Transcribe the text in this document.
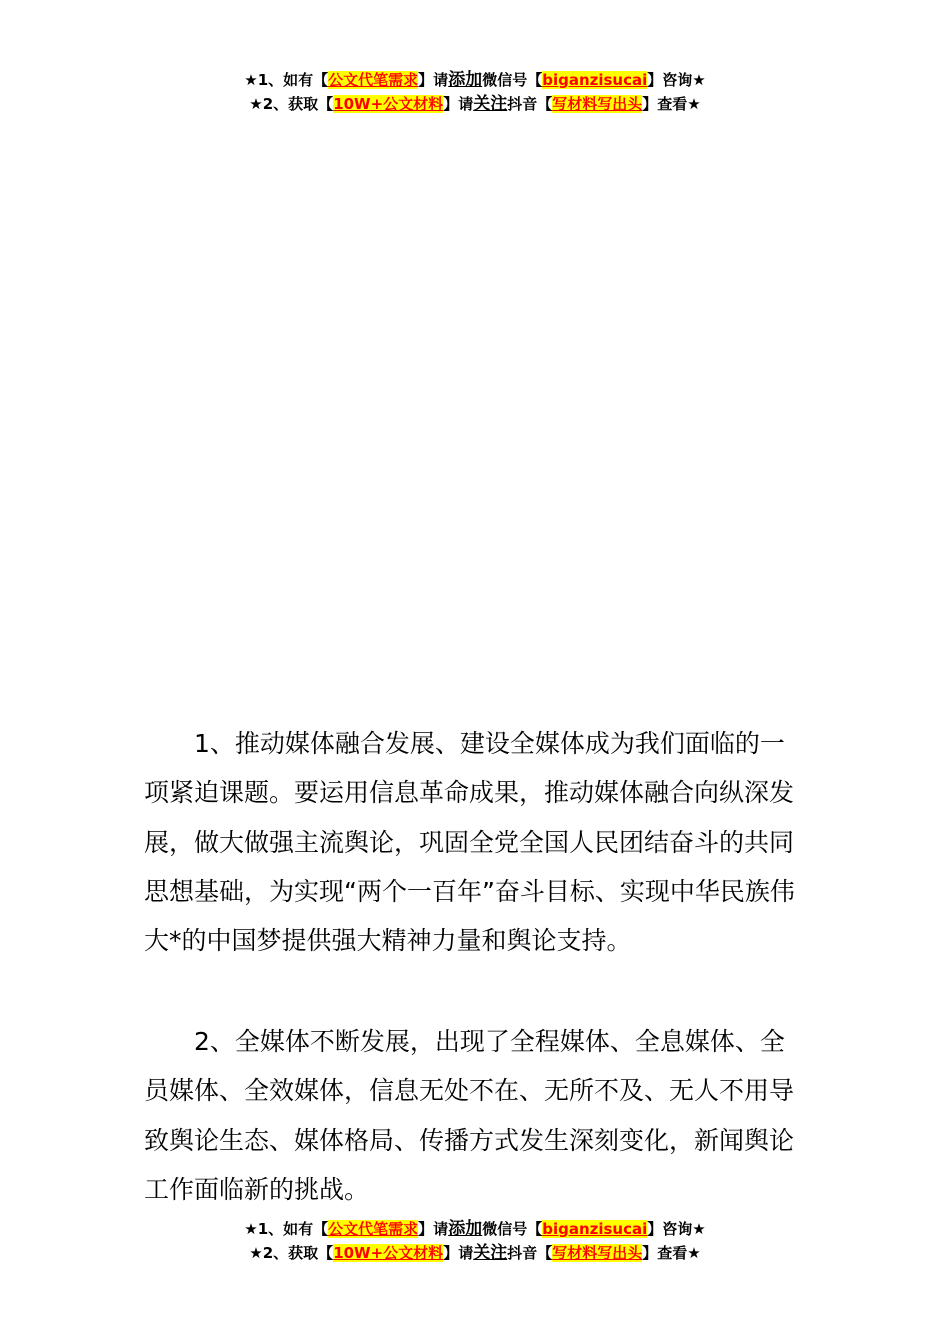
★1、如有【公文代笔需求】请添加微信号【biganzisucai】咨询★
★2、获取【10W+公文材料】请关注抖音【写材料写出头】查看★

1、推动媒体融合发展、建设全媒体成为我们面临的一项紧迫课题。要运用信息革命成果，推动媒体融合向纵深发展，做大做强主流舆论，巩固全党全国人民团结奋斗的共同思想基础，为实现“两个一百年”奋斗目标、实现中华民族伟大*的中国梦提供强大精神力量和舆论支持。

2、全媒体不断发展，出现了全程媒体、全息媒体、全员媒体、全效媒体，信息无处不在、无所不及、无人不用导致舆论生态、媒体格局、传播方式发生深刻变化，新闻舆论工作面临新的挑战。

★1、如有【公文代笔需求】请添加微信号【biganzisucai】咨询★
★2、获取【10W+公文材料】请关注抖音【写材料写出头】查看★
